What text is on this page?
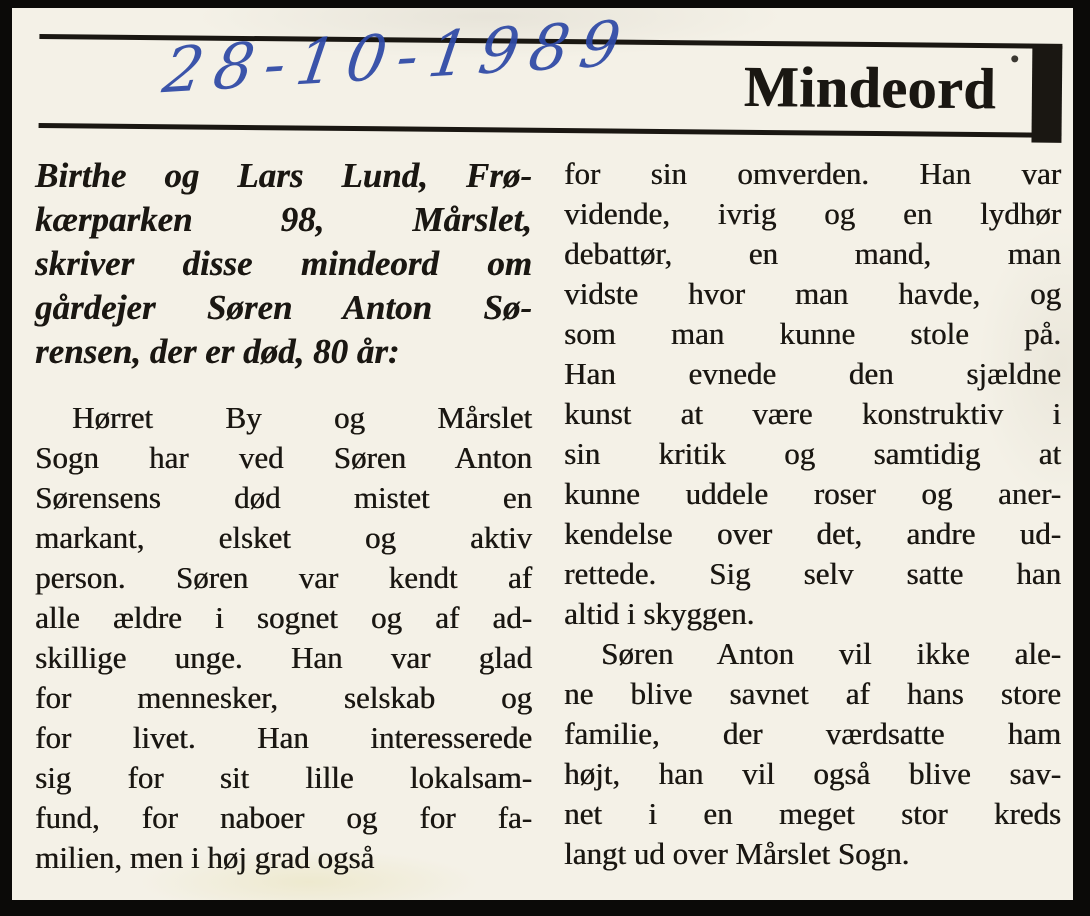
Mindeord
28-10-1989
Birthe og Lars Lund, Frø-
kærparken 98, Mårslet,
skriver disse mindeord om
gårdejer Søren Anton Sø-
rensen, der er død, 80 år:
Hørret By og Mårslet
Sogn har ved Søren Anton
Sørensens død mistet en
markant, elsket og aktiv
person. Søren var kendt af
alle ældre i sognet og af ad-
skillige unge. Han var glad
for mennesker, selskab og
for livet. Han interesserede
sig for sit lille lokalsam-
fund, for naboer og for fa-
milien, men i høj grad også
for sin omverden. Han var
vidende, ivrig og en lydhør
debattør, en mand, man
vidste hvor man havde, og
som man kunne stole på.
Han evnede den sjældne
kunst at være konstruktiv i
sin kritik og samtidig at
kunne uddele roser og aner-
kendelse over det, andre ud-
rettede. Sig selv satte han
altid i skyggen.
Søren Anton vil ikke ale-
ne blive savnet af hans store
familie, der værdsatte ham
højt, han vil også blive sav-
net i en meget stor kreds
langt ud over Mårslet Sogn.
